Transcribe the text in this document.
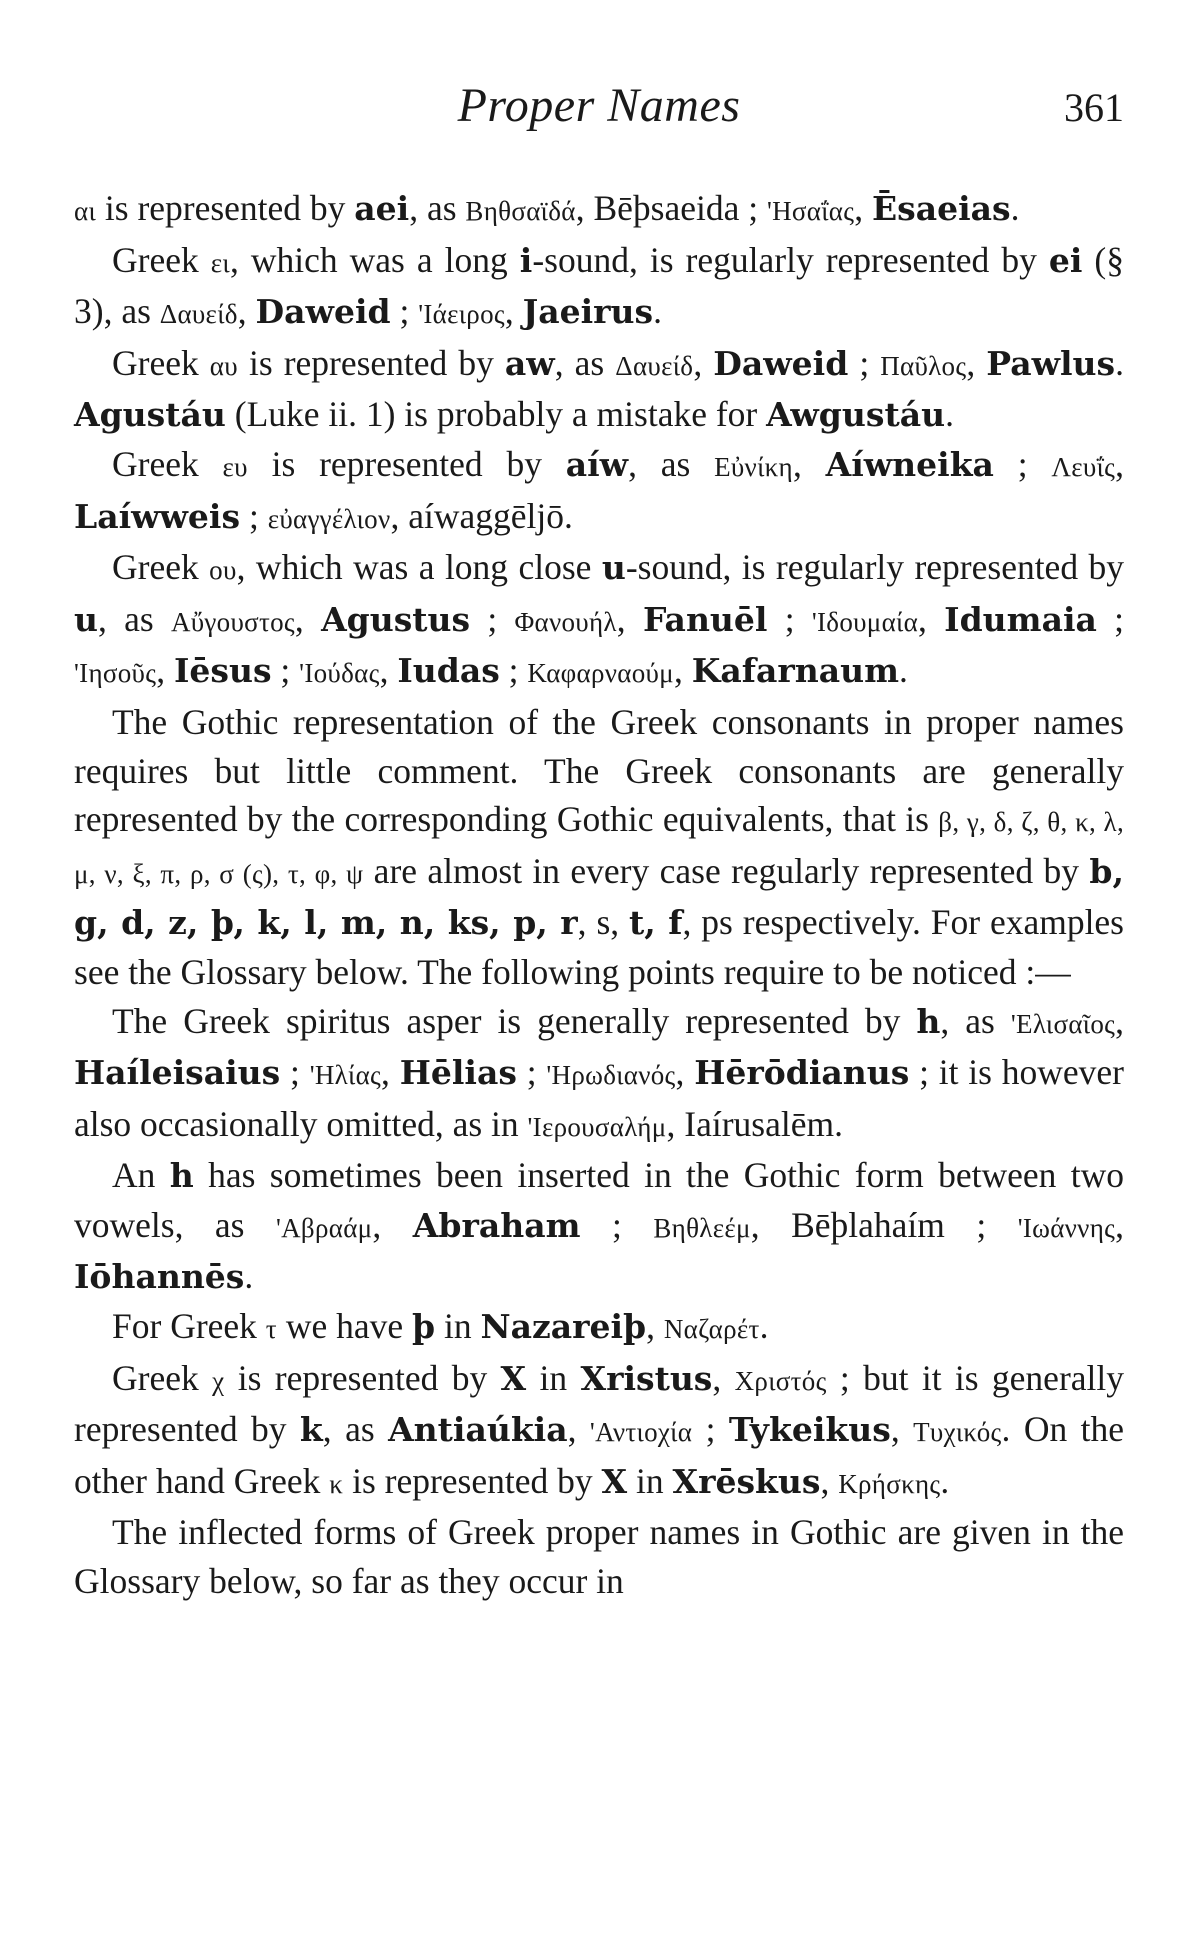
Proper Names	361

αι is represented by aei, as Βηθσαϊδά, Bēþsaeida ; 'Ησαΐας, Ēsaeias.

Greek ει, which was a long i-sound, is regularly represented by ei (§ 3), as Δαυείδ, Daweid ; 'Ιάειρος, Jaeirus.

Greek αυ is represented by aw, as Δαυείδ, Daweid ; Παῦλος, Pawlus. Agustáu (Luke ii. 1) is probably a mistake for Awgustáu.

Greek ευ is represented by aíw, as Εὐνίκη, Aíwneika ; Λευΐς, Laíwweis ; εὐαγγέλιον, aíwaggēljō.

Greek ου, which was a long close u-sound, is regularly represented by u, as Αὔγουστος, Agustus ; Φανουήλ, Fanuēl ; 'Ιδουμαία, Idumaia ; 'Ιησοῦς, Iēsus ; 'Ιούδας, Iudas ; Καφαρναούμ, Kafarnaum.

The Gothic representation of the Greek consonants in proper names requires but little comment. The Greek consonants are generally represented by the corresponding Gothic equivalents, that is β, γ, δ, ζ, θ, κ, λ, μ, ν, ξ, π, ρ, σ (ς), τ, φ, ψ are almost in every case regularly represented by b, g, d, z, þ, k, l, m, n, ks, p, r, s, t, f, ps respectively. For examples see the Glossary below. The following points require to be noticed :—

The Greek spiritus asper is generally represented by h, as 'Ελισαῖος, Haíleisaius ; 'Ηλίας, Hēlias ; 'Ηρωδιανός, Hērōdianus ; it is however also occasionally omitted, as in 'Ιερουσαλήμ, Iaírusalēm.

An h has sometimes been inserted in the Gothic form between two vowels, as 'Αβραάμ, Abraham ; Βηθλεέμ, Bēþlahaím ; 'Ιωάννης, Iōhannēs.

For Greek τ we have þ in Nazareiþ, Ναζαρέτ.

Greek χ is represented by X in Xristus, Χριστός ; but it is generally represented by k, as Antiaúkia, 'Αντιοχία ; Tykeikus, Τυχικός. On the other hand Greek κ is represented by X in Xrēskus, Κρήσκης.

The inflected forms of Greek proper names in Gothic are given in the Glossary below, so far as they occur in
